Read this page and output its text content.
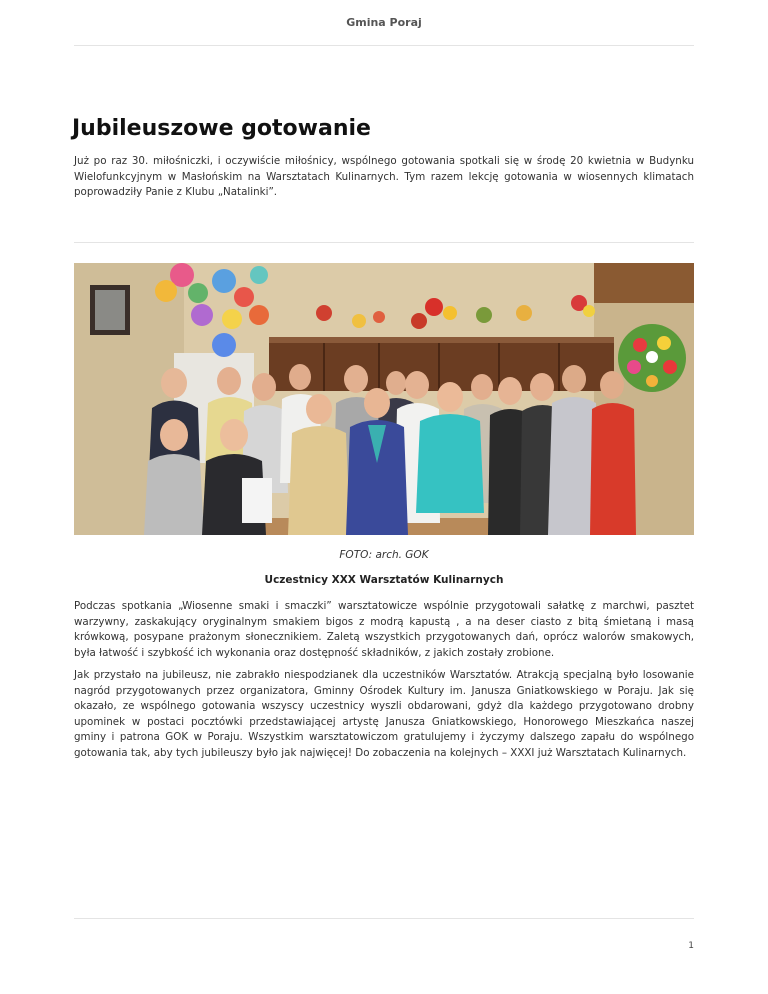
Gmina Poraj
Jubileuszowe gotowanie

Już po raz 30. miłośniczki, i oczywiście miłośnicy, wspólnego gotowania spotkali się w środę 20 kwietnia w Budynku Wielofunkcyjnym w Masłońskim na Warsztatach Kulinarnych. Tym razem lekcję gotowania w wiosennych klimatach poprowadziły Panie z Klubu „Natalinki”.

FOTO: arch. GOK
Uczestnicy XXX Warsztatów Kulinarnych

Podczas spotkania „Wiosenne smaki i smaczki” warsztatowicze wspólnie przygotowali sałatkę z marchwi, pasztet warzywny, zaskakujący oryginalnym smakiem bigos z modrą kapustą , a na deser ciasto z bitą śmietaną i masą krówkową, posypane prażonym słonecznikiem. Zaletą wszystkich przygotowanych dań, oprócz walorów smakowych, była łatwość i szybkość ich wykonania oraz dostępność składników, z jakich zostały zrobione.

Jak przystało na jubileusz, nie zabrakło niespodzianek dla uczestników Warsztatów. Atrakcją specjalną było losowanie nagród przygotowanych przez organizatora, Gminny Ośrodek Kultury im. Janusza Gniatkowskiego w Poraju. Jak się okazało, ze wspólnego gotowania wszyscy uczestnicy wyszli obdarowani, gdyż dla każdego przygotowano drobny upominek w postaci pocztówki przedstawiającej artystę Janusza Gniatkowskiego, Honorowego Mieszkańca naszej gminy i patrona GOK w Poraju. Wszystkim warsztatowiczom gratulujemy i życzymy dalszego zapału do wspólnego gotowania tak, aby tych jubileuszy było jak najwięcej! Do zobaczenia na kolejnych – XXXI już Warsztatach Kulinarnych.

1
